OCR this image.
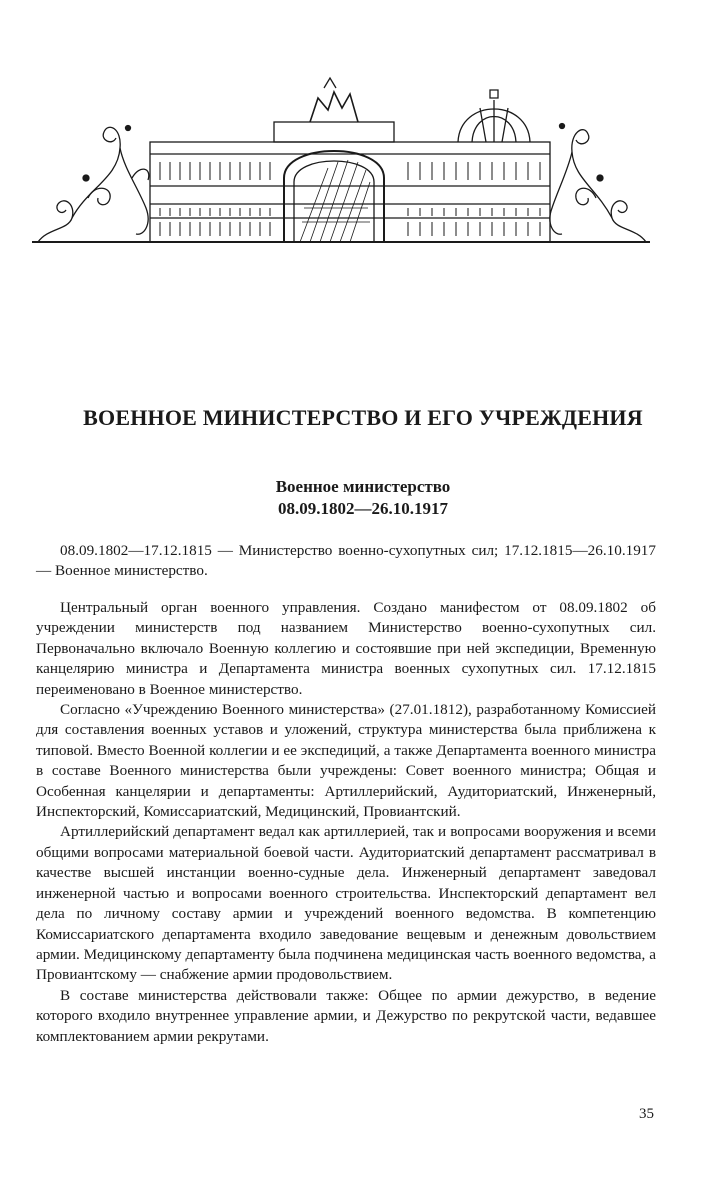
ВОЕННОЕ МИНИСТЕРСТВО И ЕГО УЧРЕЖДЕНИЯ
Военное министерство
08.09.1802—26.10.1917

08.09.1802—17.12.1815 — Министерство военно-сухопутных сил; 17.12.1815—26.10.1917 — Военное министерство.

Центральный орган военного управления. Создано манифестом от 08.09.1802 об учреждении министерств под названием Министерство военно-сухопутных сил. Первоначально включало Военную коллегию и состоявшие при ней экспедиции, Временную канцелярию министра и Департамента министра военных сухопутных сил. 17.12.1815 переименовано в Военное министерство.

Согласно «Учреждению Военного министерства» (27.01.1812), разработанному Комиссией для составления военных уставов и уложений, структура министерства была приближена к типовой. Вместо Военной коллегии и ее экспедиций, а также Департамента военного министра в составе Военного министерства были учреждены: Совет военного министра; Общая и Особенная канцелярии и департаменты: Артиллерийский, Аудиториатский, Инженерный, Инспекторский, Комиссариатский, Медицинский, Провиантский.

Артиллерийский департамент ведал как артиллерией, так и вопросами вооружения и всеми общими вопросами материальной боевой части. Аудиториатский департамент рассматривал в качестве высшей инстанции военно-судные дела. Инженерный департамент заведовал инженерной частью и вопросами военного строительства. Инспекторский департамент вел дела по личному составу армии и учреждений военного ведомства. В компетенцию Комиссариатского департамента входило заведование вещевым и денежным довольствием армии. Медицинскому департаменту была подчинена медицинская часть военного ведомства, а Провиантскому — снабжение армии продовольствием.

В составе министерства действовали также: Общее по армии дежурство, в ведение которого входило внутреннее управление армии, и Дежурство по рекрутской части, ведавшее комплектованием армии рекрутами.

35
